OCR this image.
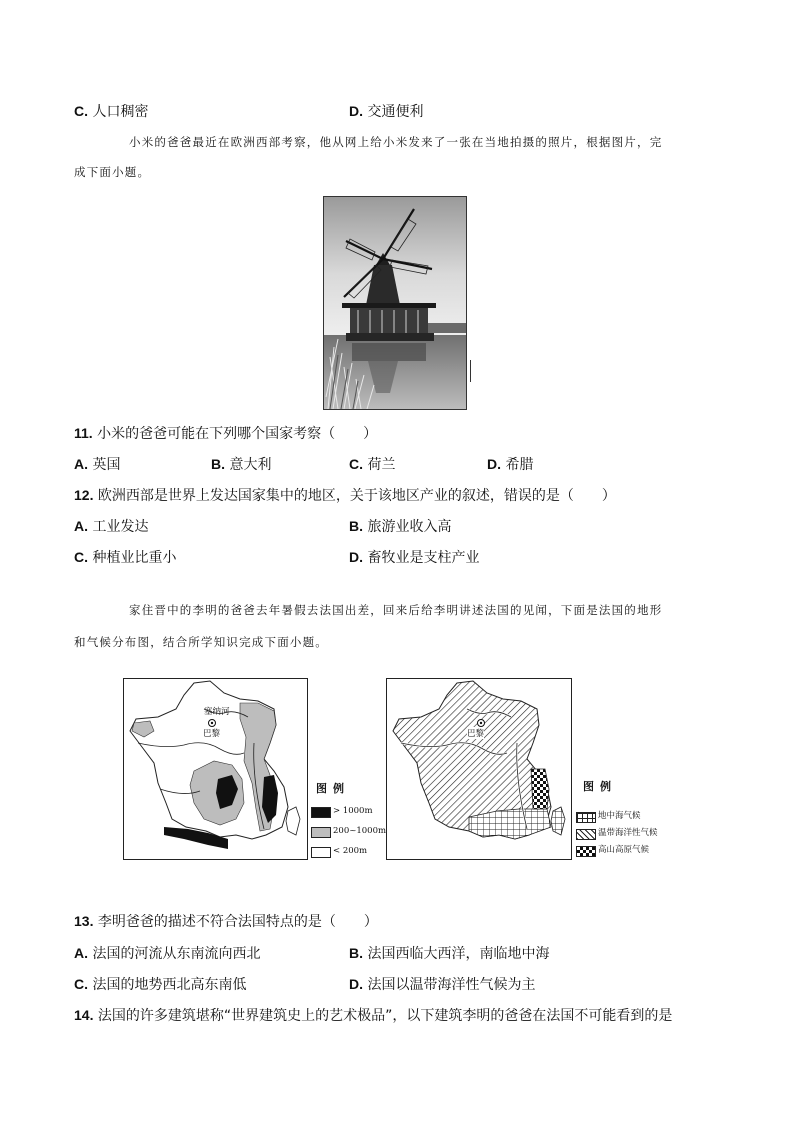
C. 人口稠密	D. 交通便利
小米的爸爸最近在欧洲西部考察，他从网上给小米发来了一张在当地拍摄的照片，根据图片，完
成下面小题。
11. 小米的爸爸可能在下列哪个国家考察（　　）
A. 英国	B. 意大利	C. 荷兰	D. 希腊
12. 欧洲西部是世界上发达国家集中的地区，关于该地区产业的叙述，错误的是（　　）
A. 工业发达	B. 旅游业收入高
C. 种植业比重小	D. 畜牧业是支柱产业
家住晋中的李明的爸爸去年暑假去法国出差，回来后给李明讲述法国的见闻，下面是法国的地形
和气候分布图，结合所学知识完成下面小题。
塞纳河
巴黎
图例
> 1000m
200~1000m
< 200m
巴黎
图例
地中海气候
温带海洋性气候
高山高原气候
13. 李明爸爸的描述不符合法国特点的是（　　）
A. 法国的河流从东南流向西北	B. 法国西临大西洋，南临地中海
C. 法国的地势西北高东南低	D. 法国以温带海洋性气候为主
14. 法国的许多建筑堪称“世界建筑史上的艺术极品”，以下建筑李明的爸爸在法国不可能看到的是
